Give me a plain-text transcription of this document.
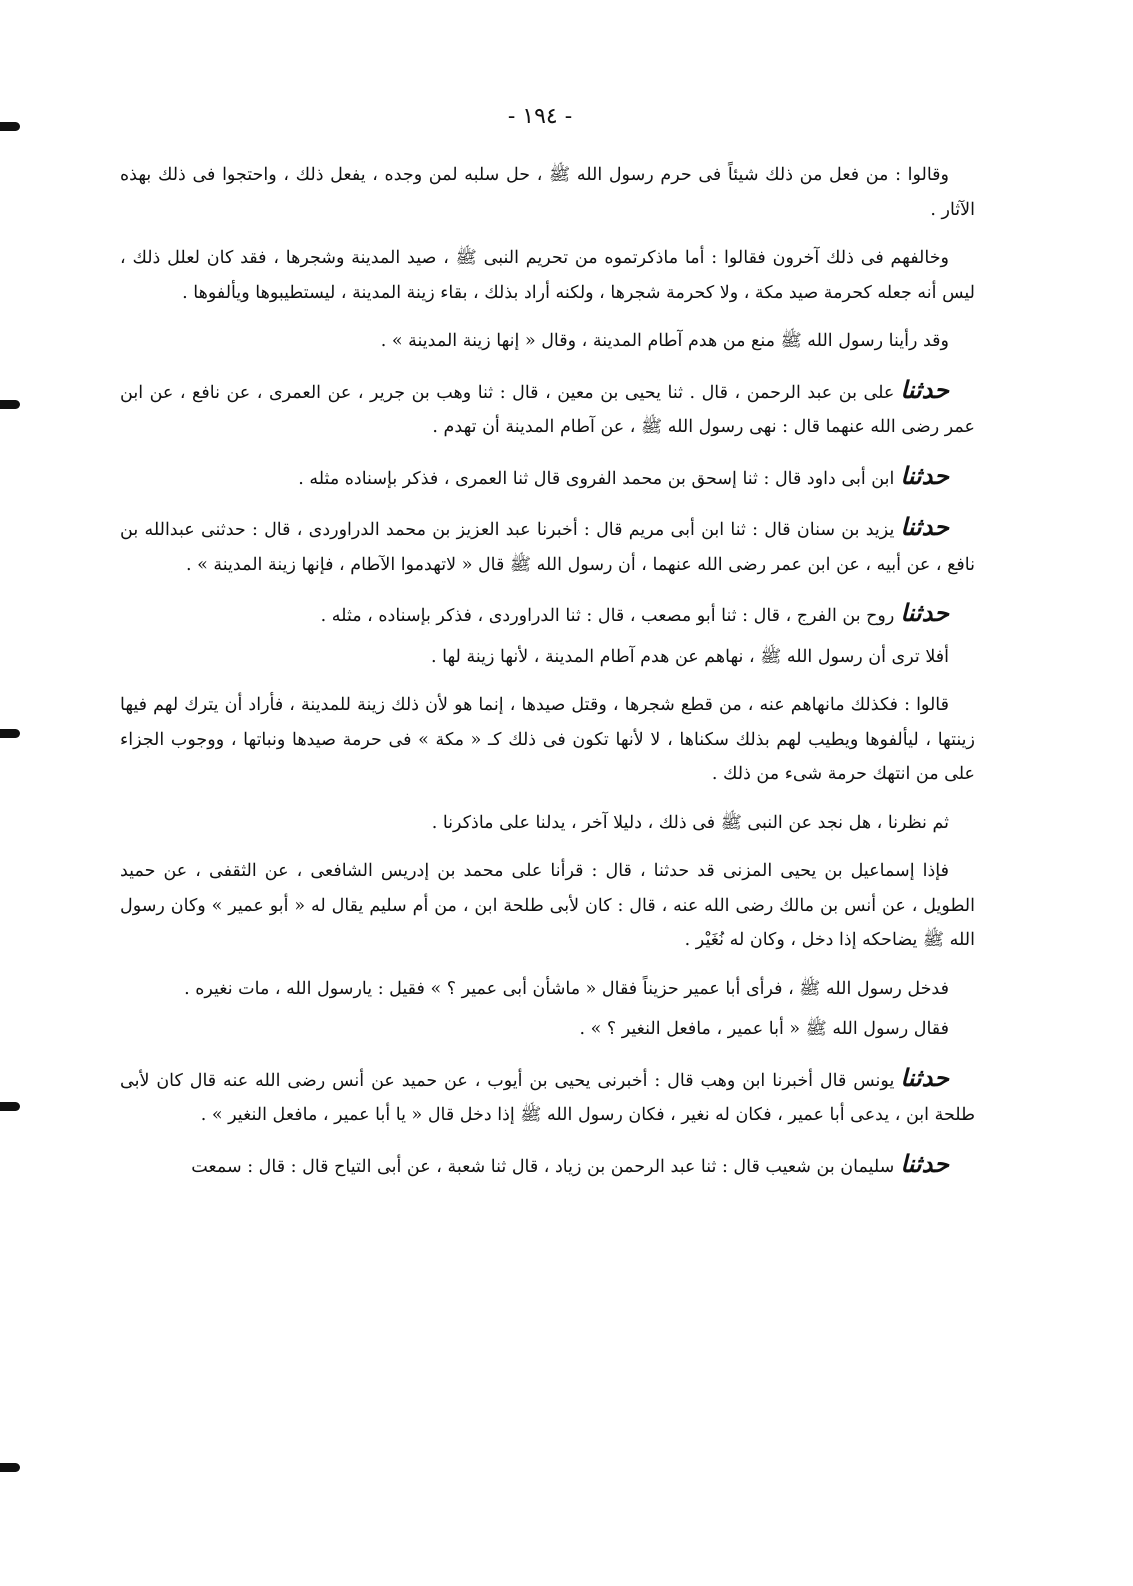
- ١٩٤ -

وقالوا : من فعل من ذلك شيئاً فى حرم رسول الله ﷺ ، حل سلبه لمن وجده ، يفعل ذلك ، واحتجوا فى ذلك بهذه الآثار .

وخالفهم فى ذلك آخرون فقالوا : أما ماذكرتموه من تحريم النبى ﷺ ، صيد المدينة وشجرها ، فقد كان لعلل ذلك ، ليس أنه جعله كحرمة صيد مكة ، ولا كحرمة شجرها ، ولكنه أراد بذلك ، بقاء زينة المدينة ، ليستطيبوها ويألفوها .

وقد رأينا رسول الله ﷺ منع من هدم آطام المدينة ، وقال « إنها زينة المدينة » .

حدثناعلى بن عبد الرحمن ، قال . ثنا يحيى بن معين ، قال : ثنا وهب بن جرير ، عن العمرى ، عن نافع ، عن ابن عمر رضى الله عنهما قال : نهى رسول الله ﷺ ، عن آطام المدينة أن تهدم .

حدثناابن أبى داود قال : ثنا إسحق بن محمد الفروى قال ثنا العمرى ، فذكر بإسناده مثله .

حدثنايزيد بن سنان قال : ثنا ابن أبى مريم قال : أخبرنا عبد العزيز بن محمد الدراوردى ، قال : حدثنى عبدالله بن نافع ، عن أبيه ، عن ابن عمر رضى الله عنهما ، أن رسول الله ﷺ قال « لاتهدموا الآطام ، فإنها زينة المدينة » .

حدثناروح بن الفرج ، قال : ثنا أبو مصعب ، قال : ثنا الدراوردى ، فذكر بإسناده ، مثله .

أفلا ترى أن رسول الله ﷺ ، نهاهم عن هدم آطام المدينة ، لأنها زينة لها .

قالوا : فكذلك مانهاهم عنه ، من قطع شجرها ، وقتل صيدها ، إنما هو لأن ذلك زينة للمدينة ، فأراد أن يترك لهم فيها زينتها ، ليألفوها ويطيب لهم بذلك سكناها ، لا لأنها تكون فى ذلك كـ « مكة » فى حرمة صيدها ونباتها ، ووجوب الجزاء على من انتهك حرمة شىء من ذلك .

ثم نظرنا ، هل نجد عن النبى ﷺ فى ذلك ، دليلا آخر ، يدلنا على ماذكرنا .

فإذا إسماعيل بن يحيى المزنى قد حدثنا ، قال : قرأنا على محمد بن إدريس الشافعى ، عن الثقفى ، عن حميد الطويل ، عن أنس بن مالك رضى الله عنه ، قال : كان لأبى طلحة ابن ، من أم سليم يقال له « أبو عمير » وكان رسول الله ﷺ يضاحكه إذا دخل ، وكان له نُغَيْر .

فدخل رسول الله ﷺ ، فرأى أبا عمير حزيناً فقال « ماشأن أبى عمير ؟ » فقيل : يارسول الله ، مات نغيره .

فقال رسول الله ﷺ « أبا عمير ، مافعل النغير ؟ » .

حدثنايونس قال أخبرنا ابن وهب قال : أخبرنى يحيى بن أيوب ، عن حميد عن أنس رضى الله عنه قال كان لأبى طلحة ابن ، يدعى أبا عمير ، فكان له نغير ، فكان رسول الله ﷺ إذا دخل قال « يا أبا عمير ، مافعل النغير » .

حدثناسليمان بن شعيب قال : ثنا عبد الرحمن بن زياد ، قال ثنا شعبة ، عن أبى التياح قال : قال : سمعت
